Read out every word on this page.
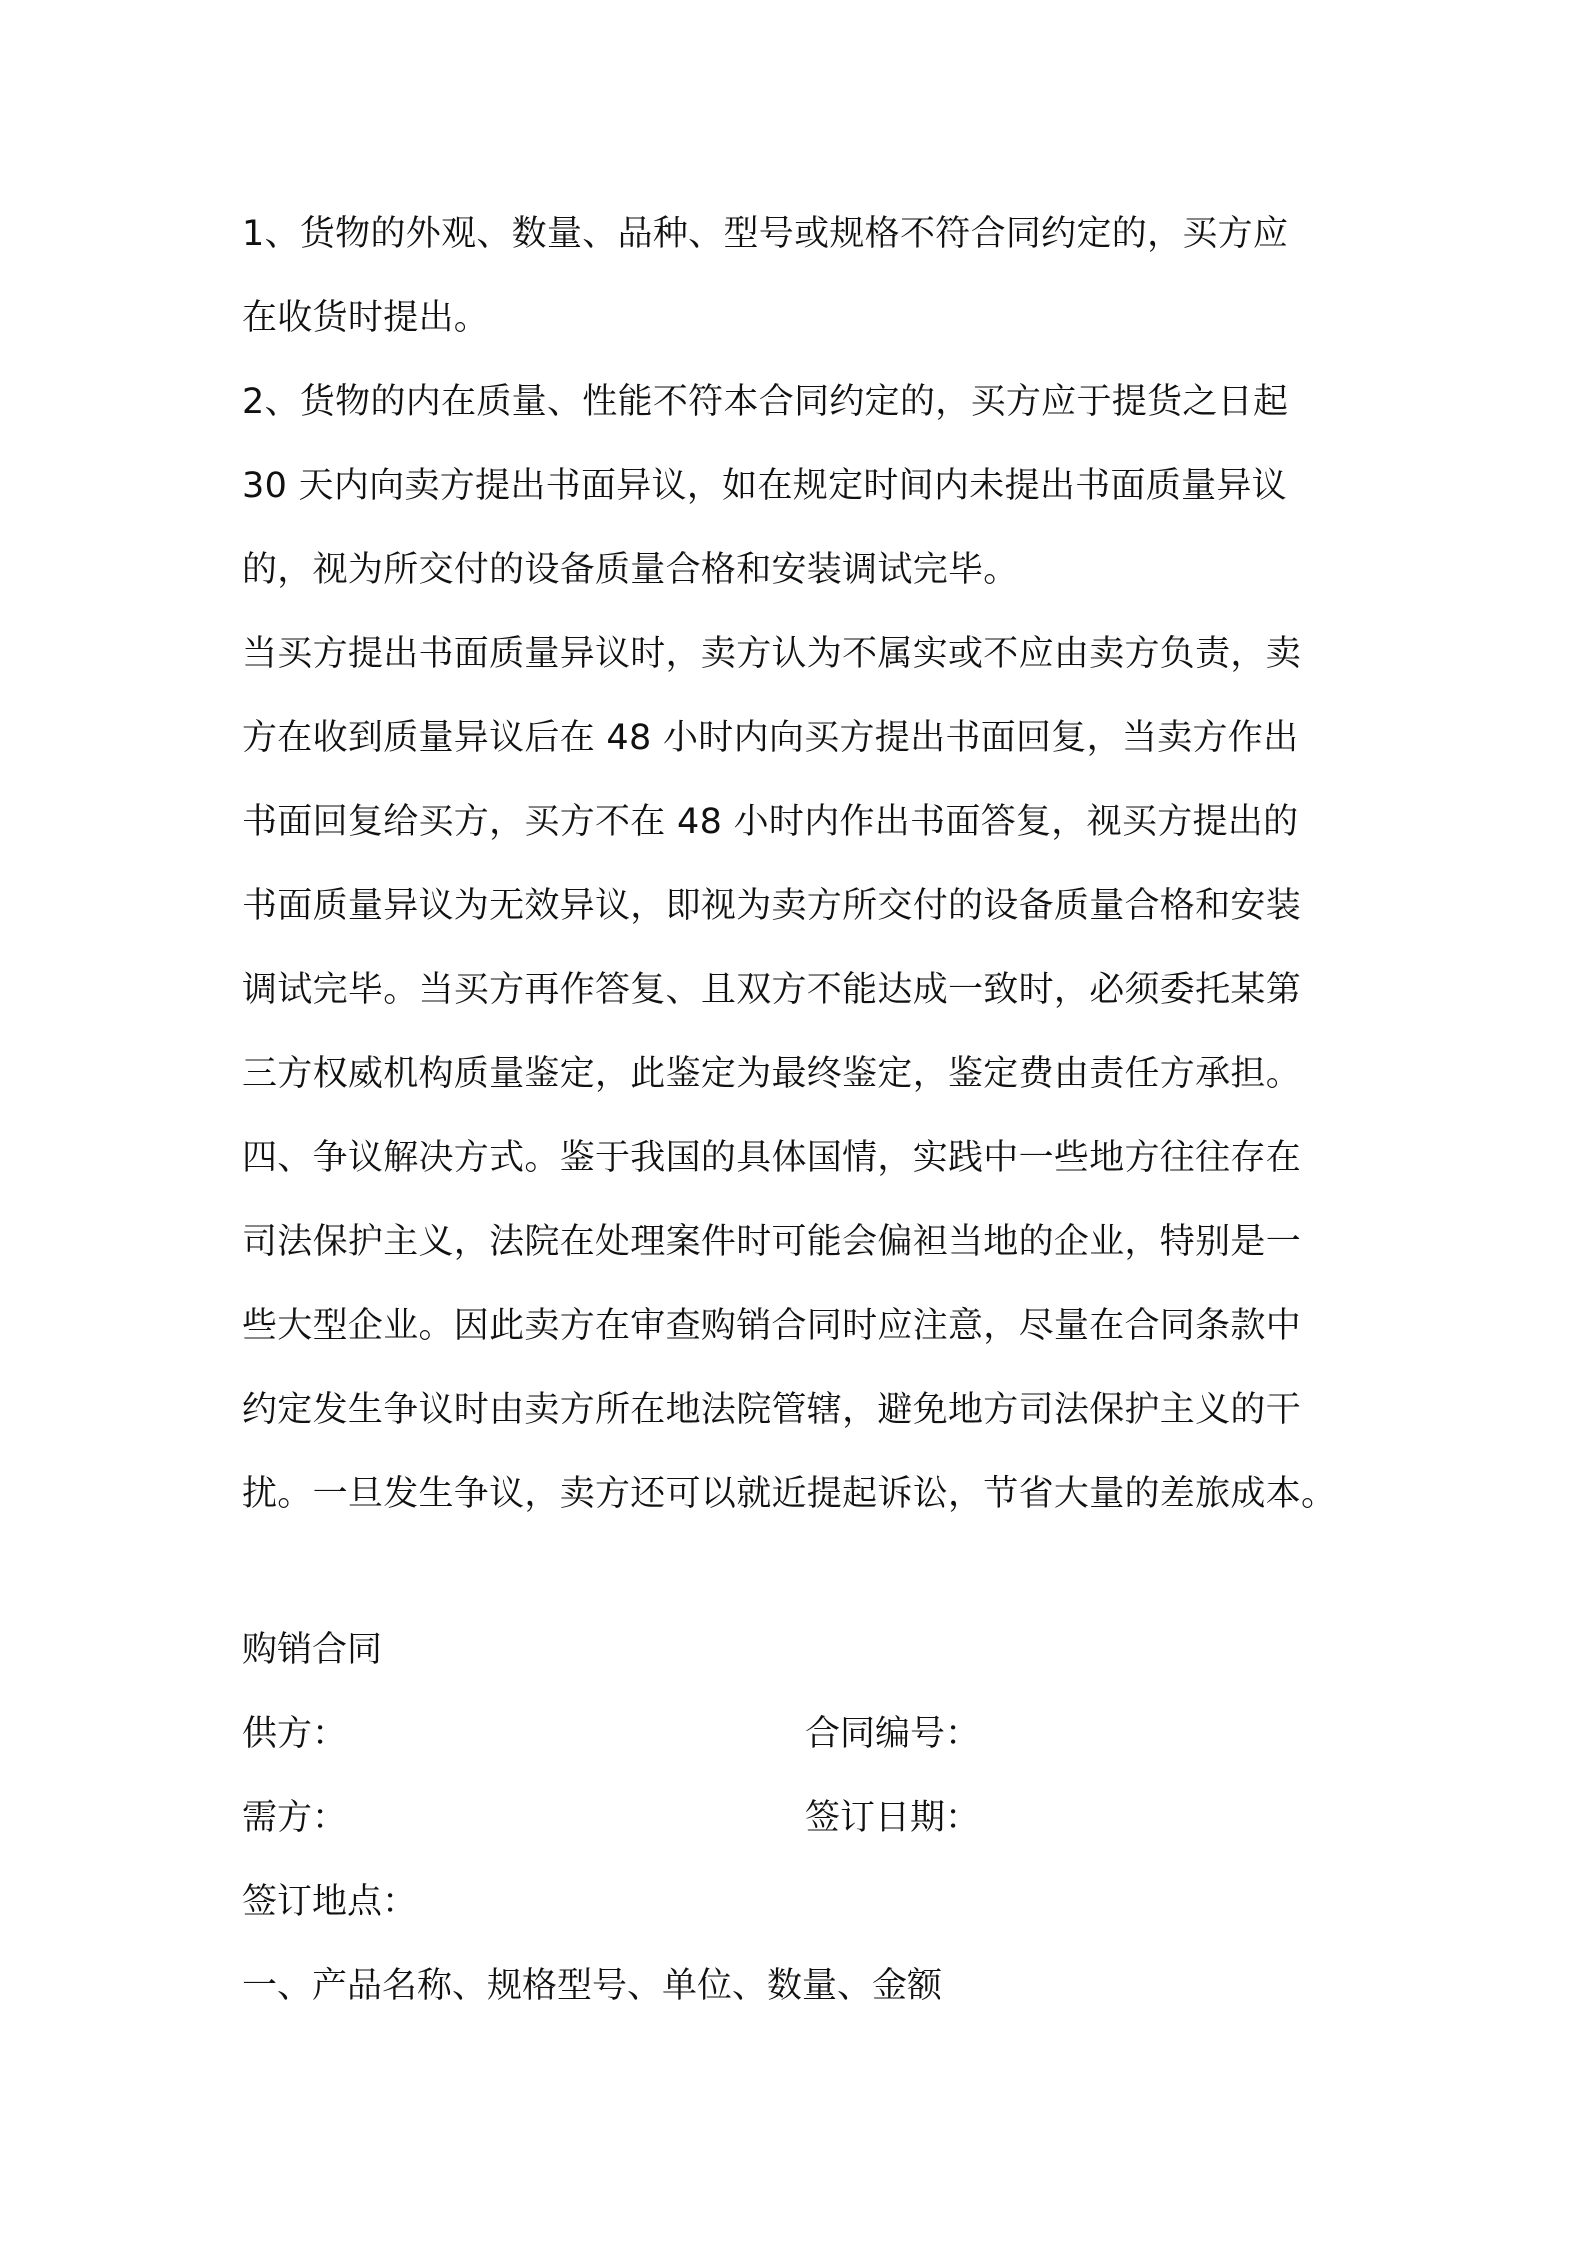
1、货物的外观、数量、品种、型号或规格不符合同约定的，买方应
在收货时提出。
2、货物的内在质量、性能不符本合同约定的，买方应于提货之日起
30 天内向卖方提出书面异议，如在规定时间内未提出书面质量异议
的，视为所交付的设备质量合格和安装调试完毕。
当买方提出书面质量异议时，卖方认为不属实或不应由卖方负责，卖
方在收到质量异议后在 48 小时内向买方提出书面回复，当卖方作出
书面回复给买方，买方不在 48 小时内作出书面答复，视买方提出的
书面质量异议为无效异议，即视为卖方所交付的设备质量合格和安装
调试完毕。当买方再作答复、且双方不能达成一致时，必须委托某第
三方权威机构质量鉴定，此鉴定为最终鉴定，鉴定费由责任方承担。
四、争议解决方式。鉴于我国的具体国情，实践中一些地方往往存在
司法保护主义，法院在处理案件时可能会偏袒当地的企业，特别是一
些大型企业。因此卖方在审查购销合同时应注意，尽量在合同条款中
约定发生争议时由卖方所在地法院管辖，避免地方司法保护主义的干
扰。一旦发生争议，卖方还可以就近提起诉讼，节省大量的差旅成本。
购销合同
供方：	合同编号：
需方：	签订日期：
签订地点：
一、产品名称、规格型号、单位、数量、金额
